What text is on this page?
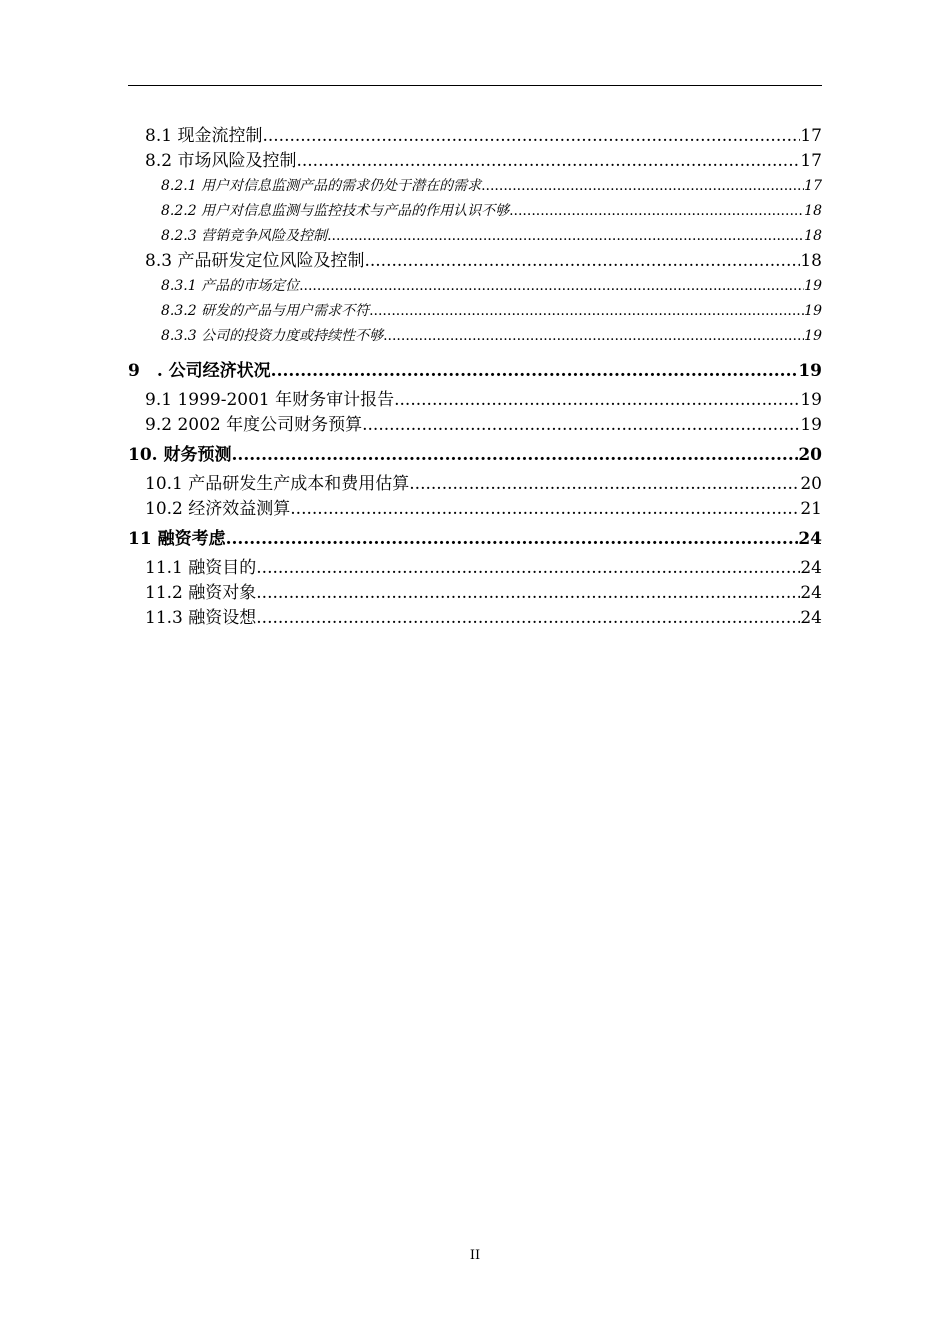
8.1 现金流控制 .....	17
8.2 市场风险及控制 .....	17
8.2.1 用户对信息监测产品的需求仍处于潜在的需求 .....	17
8.2.2 用户对信息监测与监控技术与产品的作用认识不够 .....	18
8.2.3 营销竞争风险及控制 .....	18
8.3 产品研发定位风险及控制 .....	18
8.3.1 产品的市场定位 .....	19
8.3.2 研发的产品与用户需求不符 .....	19
8.3.3 公司的投资力度或持续性不够 .....	19
9　. 公司经济状况 .....	19
9.1 1999-2001 年财务审计报告 .....	19
9.2 2002 年度公司财务预算 .....	19
10. 财务预测 .....	20
10.1 产品研发生产成本和费用估算 .....	20
10.2 经济效益测算 .....	21
11 融资考虑 .....	24
11.1 融资目的 .....	24
11.2 融资对象 .....	24
11.3 融资设想 .....	24
II
